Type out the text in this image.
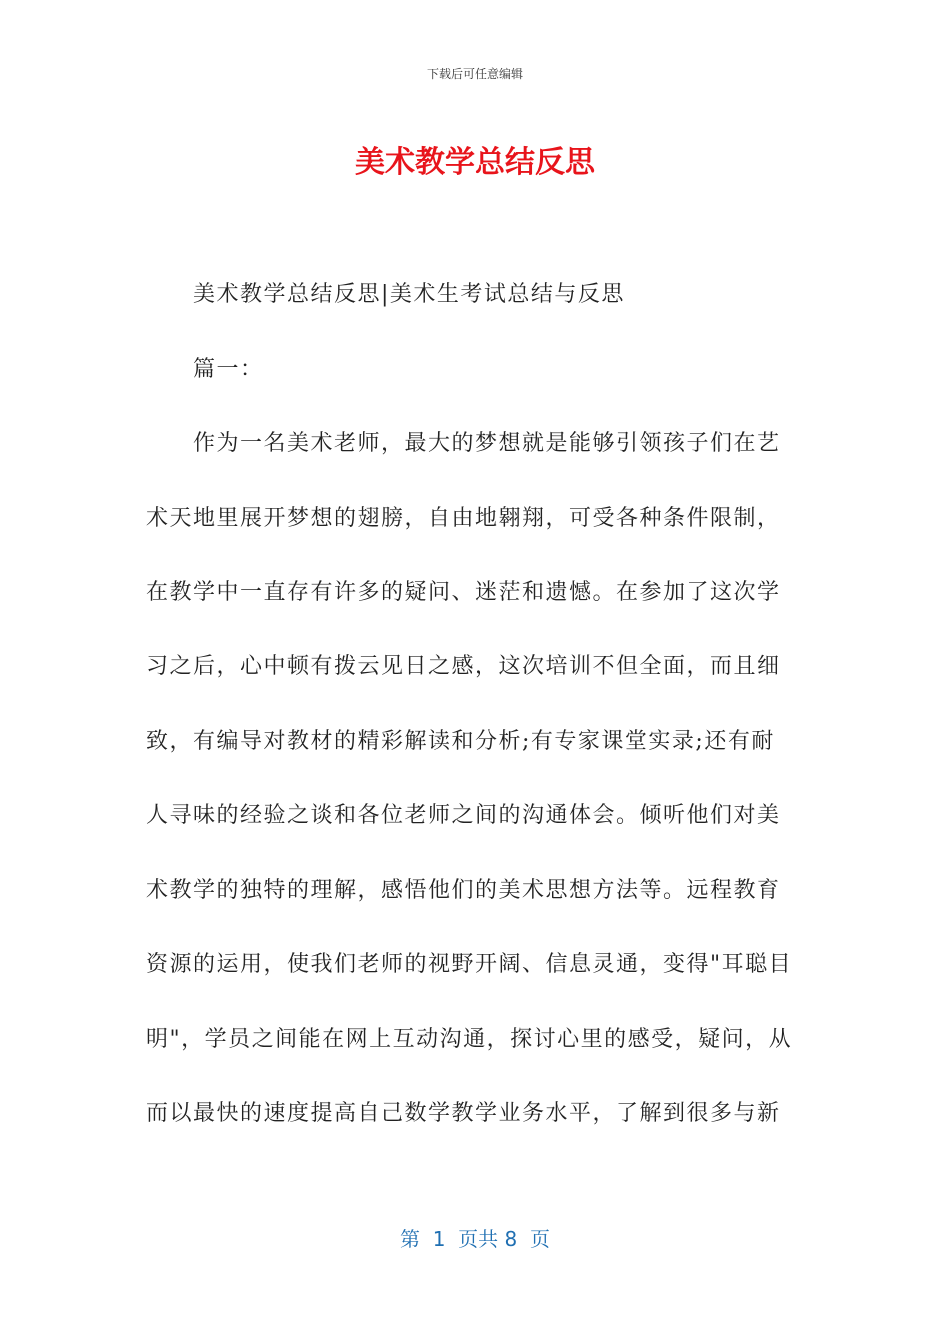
下载后可任意编辑
美术教学总结反思
美术教学总结反思|美术生考试总结与反思
篇一：
作为一名美术老师，最大的梦想就是能够引领孩子们在艺
术天地里展开梦想的翅膀，自由地翱翔，可受各种条件限制，
在教学中一直存有许多的疑问、迷茫和遗憾。在参加了这次学
习之后，心中顿有拨云见日之感，这次培训不但全面，而且细
致，有编导对教材的精彩解读和分析;有专家课堂实录;还有耐
人寻味的经验之谈和各位老师之间的沟通体会。倾听他们对美
术教学的独特的理解，感悟他们的美术思想方法等。远程教育
资源的运用，使我们老师的视野开阔、信息灵通，变得"耳聪目
明"，学员之间能在网上互动沟通，探讨心里的感受，疑问，从
而以最快的速度提高自己数学教学业务水平，了解到很多与新
第  1  页共 8  页
